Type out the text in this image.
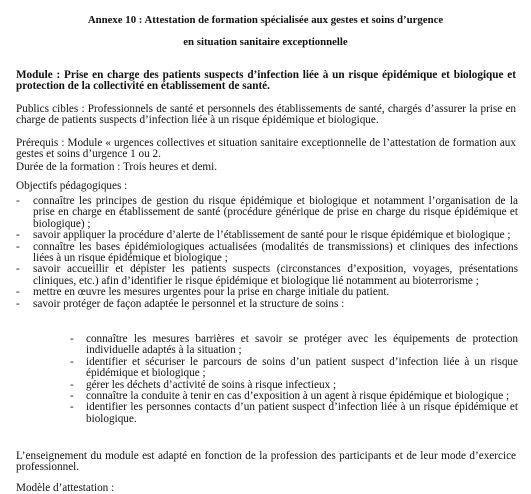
Annexe 10 : Attestation de formation spécialisée aux gestes et soins d’urgence
en situation sanitaire exceptionnelle
Module : Prise en charge des patients suspects d’infection liée à un risque épidémique et biologique et protection de la collectivité en établissement de santé.
Publics cibles : Professionnels de santé et personnels des établissements de santé, chargés d’assurer la prise en charge de patients suspects d’infection liée à un risque épidémique et biologique.
Prérequis : Module « urgences collectives et situation sanitaire exceptionnelle de l’attestation de formation aux gestes et soins d’urgence 1 ou 2.
Durée de la formation : Trois heures et demi.
Objectifs pédagogiques :
- connaître les principes de gestion du risque épidémique et biologique et notamment l’organisation de la prise en charge en établissement de santé (procédure générique de prise en charge du risque épidémique et biologique) ;
- savoir appliquer la procédure d’alerte de l’établissement de santé pour le risque épidémique et biologique ;
- connaître les bases épidémiologiques actualisées (modalités de transmissions) et cliniques des infections liées à un risque épidémique et biologique ;
- savoir accueillir et dépister les patients suspects (circonstances d’exposition, voyages, présentations cliniques, etc.) afin d’identifier le risque épidémique et biologique lié notamment au bioterrorisme ;
- mettre en œuvre les mesures urgentes pour la prise en charge initiale du patient.
- savoir protéger de façon adaptée le personnel et la structure de soins :
- connaître les mesures barrières et savoir se protéger avec les équipements de protection individuelle adaptés à la situation ;
- identifier et sécuriser le parcours de soins d’un patient suspect d’infection liée à un risque épidémique et biologique ;
- gérer les déchets d’activité de soins à risque infectieux ;
- connaître la conduite à tenir en cas d’exposition à un agent à risque épidémique et biologique ;
- identifier les personnes contacts d’un patient suspect d’infection liée à un risque épidémique et biologique.
L’enseignement du module est adapté en fonction de la profession des participants et de leur mode d’exercice professionnel.
Modèle d’attestation :
